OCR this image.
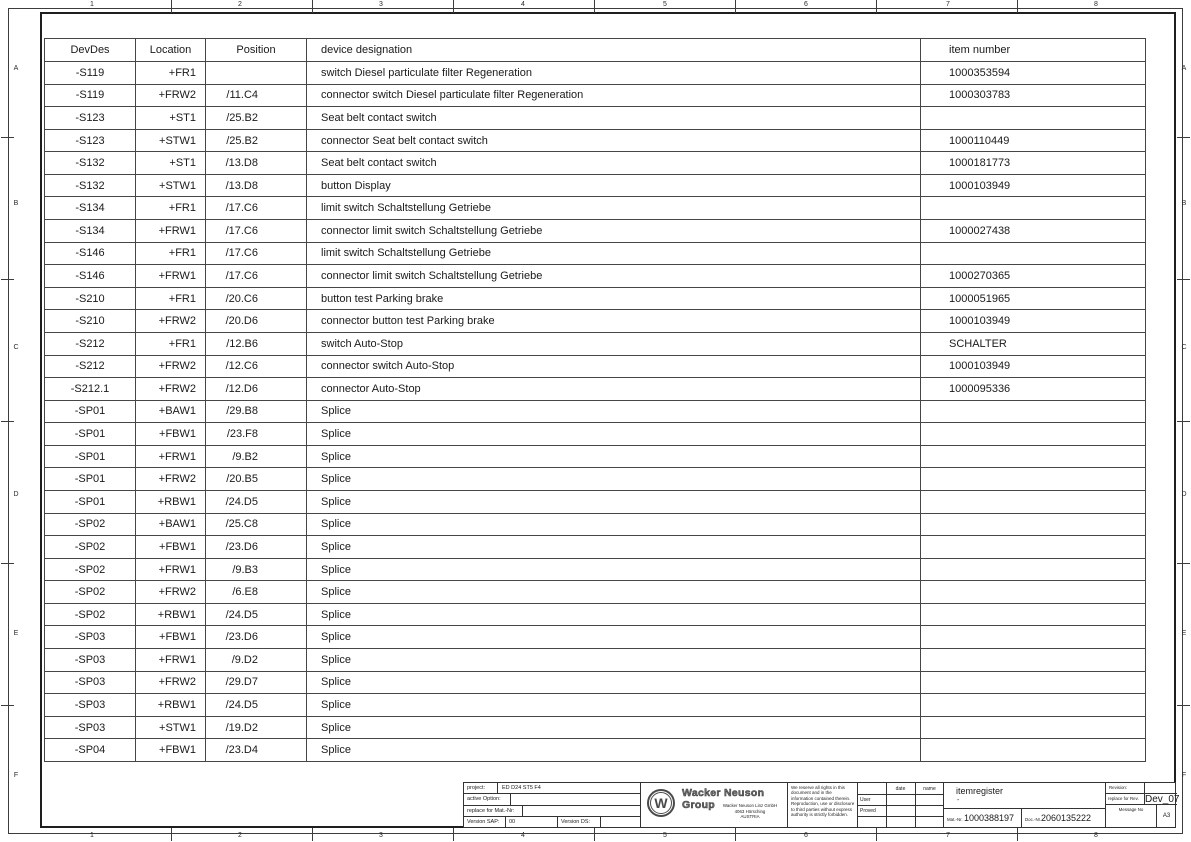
1
1
2
2
3
3
4
4
5
5
6
6
7
7
8
8
A	A
B	B
C	C
D	D
E	E
F	F
DevDes	Location	Position	device designation	item number
-S119	+FR1		switch Diesel particulate filter Regeneration	1000353594
-S119	+FRW2	/11.C4	connector switch Diesel particulate filter Regeneration	1000303783
-S123	+ST1	/25.B2	Seat belt contact switch	
-S123	+STW1	/25.B2	connector Seat belt contact switch	1000110449
-S132	+ST1	/13.D8	Seat belt contact switch	1000181773
-S132	+STW1	/13.D8	button Display	1000103949
-S134	+FR1	/17.C6	limit switch Schaltstellung Getriebe	
-S134	+FRW1	/17.C6	connector limit switch Schaltstellung Getriebe	1000027438
-S146	+FR1	/17.C6	limit switch Schaltstellung Getriebe	
-S146	+FRW1	/17.C6	connector limit switch Schaltstellung Getriebe	1000270365
-S210	+FR1	/20.C6	button test Parking brake	1000051965
-S210	+FRW2	/20.D6	connector button test Parking brake	1000103949
-S212	+FR1	/12.B6	switch Auto-Stop	SCHALTER
-S212	+FRW2	/12.C6	connector switch Auto-Stop	1000103949
-S212.1	+FRW2	/12.D6	connector Auto-Stop	1000095336
-SP01	+BAW1	/29.B8	Splice	
-SP01	+FBW1	/23.F8	Splice	
-SP01	+FRW1	/9.B2	Splice	
-SP01	+FRW2	/20.B5	Splice	
-SP01	+RBW1	/24.D5	Splice	
-SP02	+BAW1	/25.C8	Splice	
-SP02	+FBW1	/23.D6	Splice	
-SP02	+FRW1	/9.B3	Splice	
-SP02	+FRW2	/6.E8	Splice	
-SP02	+RBW1	/24.D5	Splice	
-SP03	+FBW1	/23.D6	Splice	
-SP03	+FRW1	/9.D2	Splice	
-SP03	+FRW2	/29.D7	Splice	
-SP03	+RBW1	/24.D5	Splice	
-SP03	+STW1	/19.D2	Splice	
-SP04	+FBW1	/23.D4	Splice	
project:	ED D24 ST5 F4
active Option:
replace for Mat.-Nr:
Version SAP:	00	Version DS:
W
Wacker Neuson
Group	Wacker Neuson Linz GmbH
4063 Hörsching
AUSTRIA
We reserve all rights in this document and in the information contained therein. Reproduction, use or disclosure to third parties without express authority is strictly forbidden.
date	name
User
Proved
itemregister
-
Mat.-Nr. 1000388197 Doc.-Nr. 2060135222
Revision:
replace for Rev. Dev_07
Message No
A3
